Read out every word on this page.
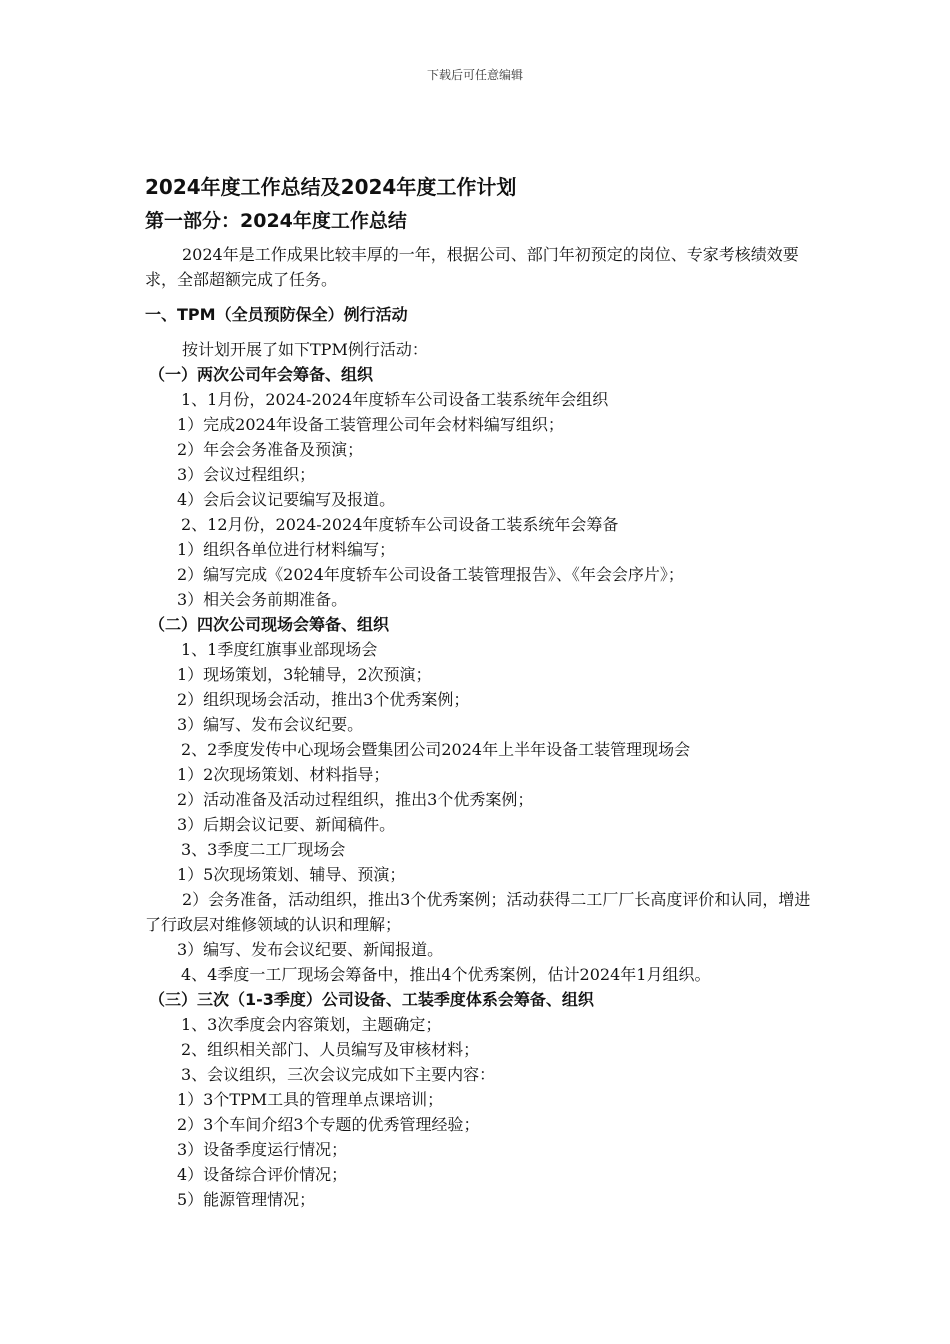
下载后可任意编辑
2024年度工作总结及2024年度工作计划
第一部分：2024年度工作总结

2024年是工作成果比较丰厚的一年，根据公司、部门年初预定的岗位、专家考核绩效要求，全部超额完成了任务。

一、TPM（全员预防保全）例行活动

按计划开展了如下TPM例行活动：

（一）两次公司年会筹备、组织

1、1月份，2024-2024年度轿车公司设备工装系统年会组织

1）完成2024年设备工装管理公司年会材料编写组织；

2）年会会务准备及预演；

3）会议过程组织；

4）会后会议记要编写及报道。

2、12月份，2024-2024年度轿车公司设备工装系统年会筹备

1）组织各单位进行材料编写；

2）编写完成《2024年度轿车公司设备工装管理报告》、《年会会序片》；

3）相关会务前期准备。

（二）四次公司现场会筹备、组织

1、1季度红旗事业部现场会

1）现场策划，3轮辅导，2次预演；

2）组织现场会活动，推出3个优秀案例；

3）编写、发布会议纪要。

2、2季度发传中心现场会暨集团公司2024年上半年设备工装管理现场会

1）2次现场策划、材料指导；

2）活动准备及活动过程组织，推出3个优秀案例；

3）后期会议记要、新闻稿件。

3、3季度二工厂现场会

1）5次现场策划、辅导、预演；

2）会务准备，活动组织，推出3个优秀案例；活动获得二工厂厂长高度评价和认同，增进了行政层对维修领域的认识和理解；

3）编写、发布会议纪要、新闻报道。

4、4季度一工厂现场会筹备中，推出4个优秀案例，估计2024年1月组织。

（三）三次（1-3季度）公司设备、工装季度体系会筹备、组织

1、3次季度会内容策划，主题确定；

2、组织相关部门、人员编写及审核材料；

3、会议组织，三次会议完成如下主要内容：

1）3个TPM工具的管理单点课培训；

2）3个车间介绍3个专题的优秀管理经验；

3）设备季度运行情况；

4）设备综合评价情况；

5）能源管理情况；
